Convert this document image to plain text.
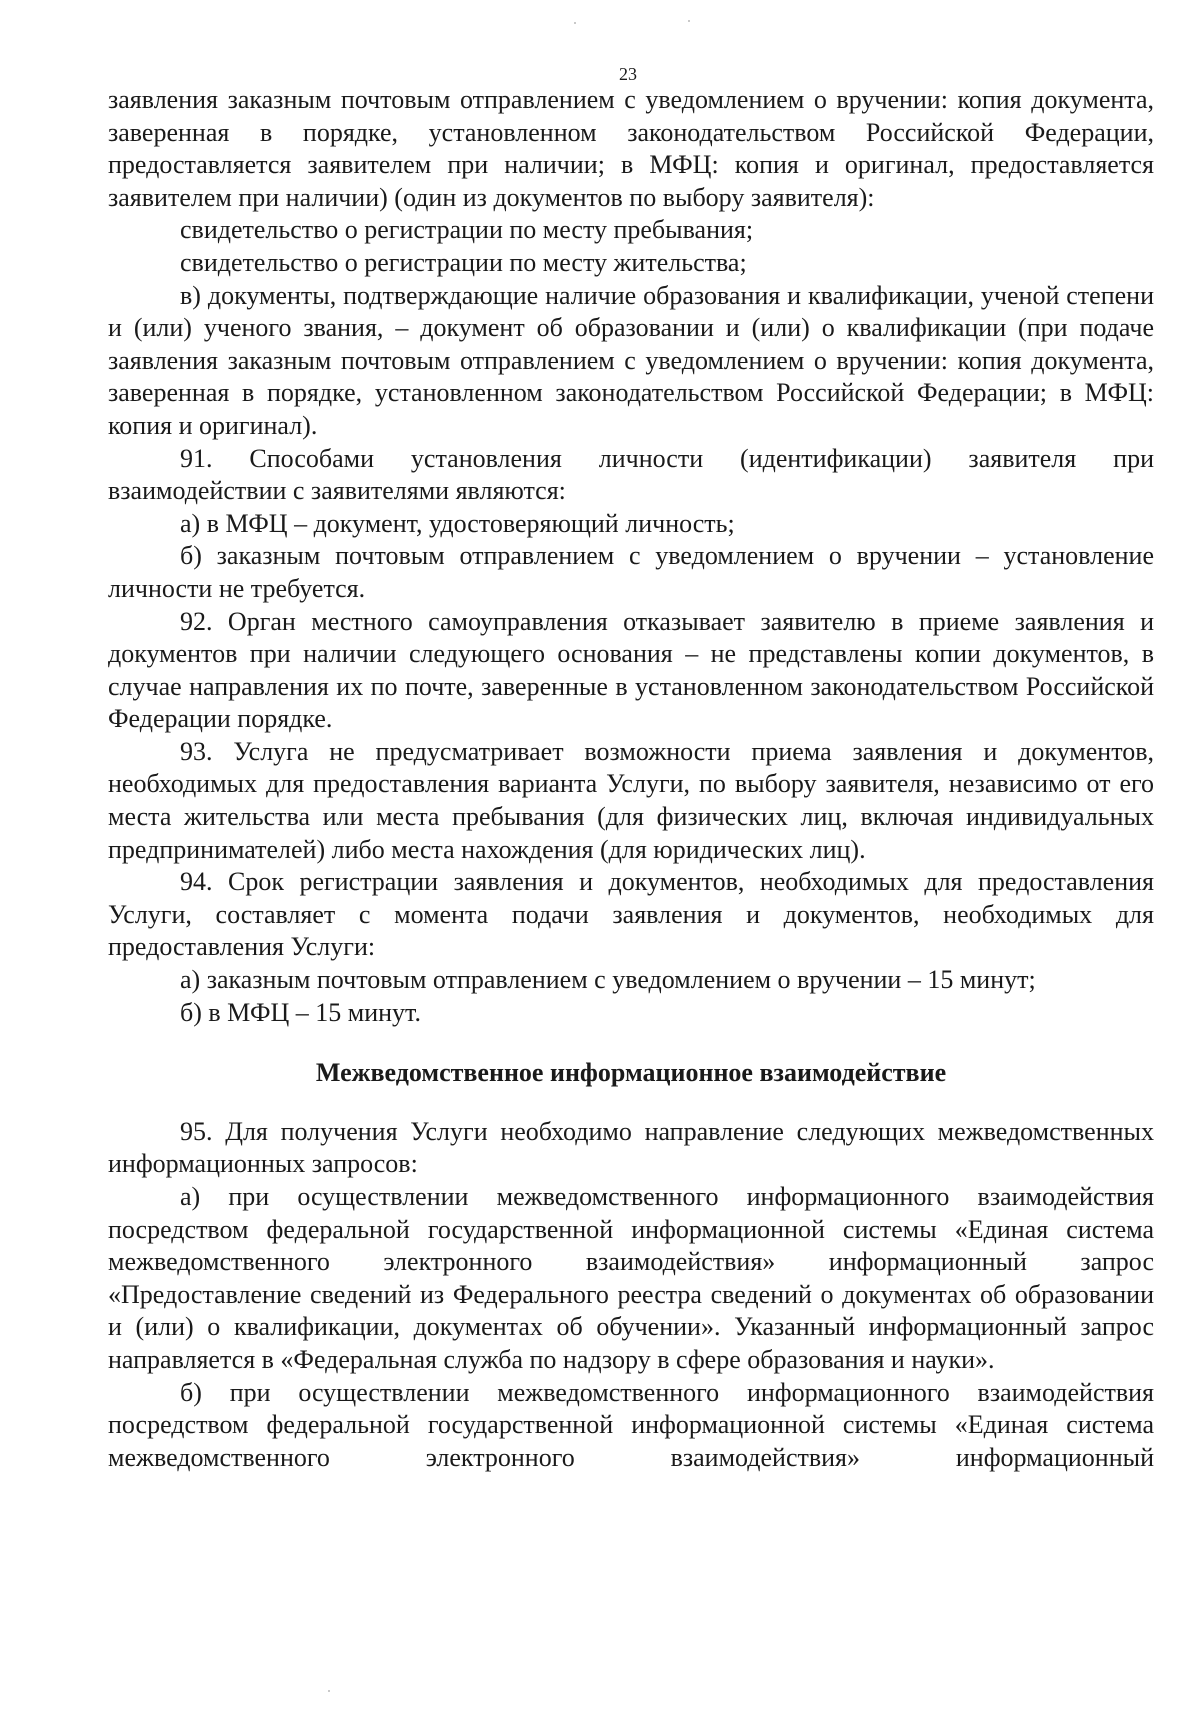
23

заявления заказным почтовым отправлением с уведомлением о вручении: копия документа, заверенная в порядке, установленном законодательством Российской Федерации, предоставляется заявителем при наличии; в МФЦ: копия и оригинал, предоставляется заявителем при наличии) (один из документов по выбору заявителя):

свидетельство о регистрации по месту пребывания;

свидетельство о регистрации по месту жительства;

в) документы, подтверждающие наличие образования и квалификации, ученой степени и (или) ученого звания, – документ об образовании и (или) о квалификации (при подаче заявления заказным почтовым отправлением с уведомлением о вручении: копия документа, заверенная в порядке, установленном законодательством Российской Федерации; в МФЦ: копия и оригинал).

91. Способами установления личности (идентификации) заявителя при взаимодействии с заявителями являются:

а) в МФЦ – документ, удостоверяющий личность;

б) заказным почтовым отправлением с уведомлением о вручении – установление личности не требуется.

92. Орган местного самоуправления отказывает заявителю в приеме заявления и документов при наличии следующего основания – не представлены копии документов, в случае направления их по почте, заверенные в установленном законодательством Российской Федерации порядке.

93. Услуга не предусматривает возможности приема заявления и документов, необходимых для предоставления варианта Услуги, по выбору заявителя, независимо от его места жительства или места пребывания (для физических лиц, включая индивидуальных предпринимателей) либо места нахождения (для юридических лиц).

94. Срок регистрации заявления и документов, необходимых для предоставления Услуги, составляет с момента подачи заявления и документов, необходимых для предоставления Услуги:

а) заказным почтовым отправлением с уведомлением о вручении – 15 минут;

б) в МФЦ – 15 минут.

Межведомственное информационное взаимодействие

95. Для получения Услуги необходимо направление следующих межведомственных информационных запросов:

а) при осуществлении межведомственного информационного взаимодействия посредством федеральной государственной информационной системы «Единая система межведомственного электронного взаимодействия» информационный запрос «Предоставление сведений из Федерального реестра сведений о документах об образовании и (или) о квалификации, документах об обучении». Указанный информационный запрос направляется в «Федеральная служба по надзору в сфере образования и науки».

б) при осуществлении межведомственного информационного взаимодействия посредством федеральной государственной информационной системы «Единая система межведомственного электронного взаимодействия» информационный
